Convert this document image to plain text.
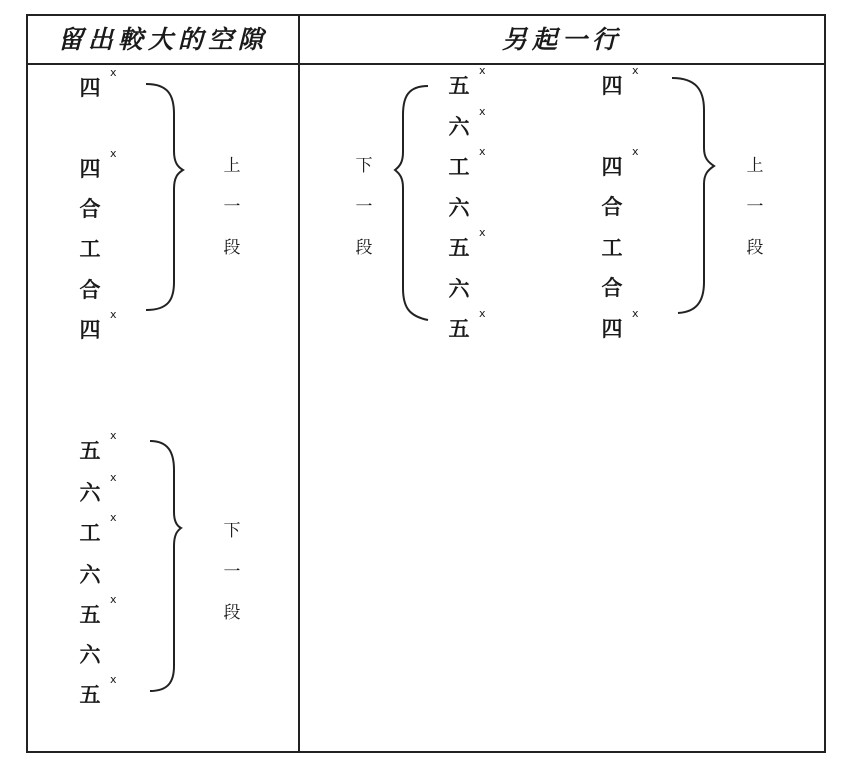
留出較大的空隙	另起一行
四
x
四
x
合
工
合
四
x
五
x
六
x
工
x
六
五
x
六
五
x
五
x
六
x
工
x
六
五
x
六
五
x
四
x
四
x
合
工
合
四
x
上
一
段
下
一
段
下
一
段
上
一
段
